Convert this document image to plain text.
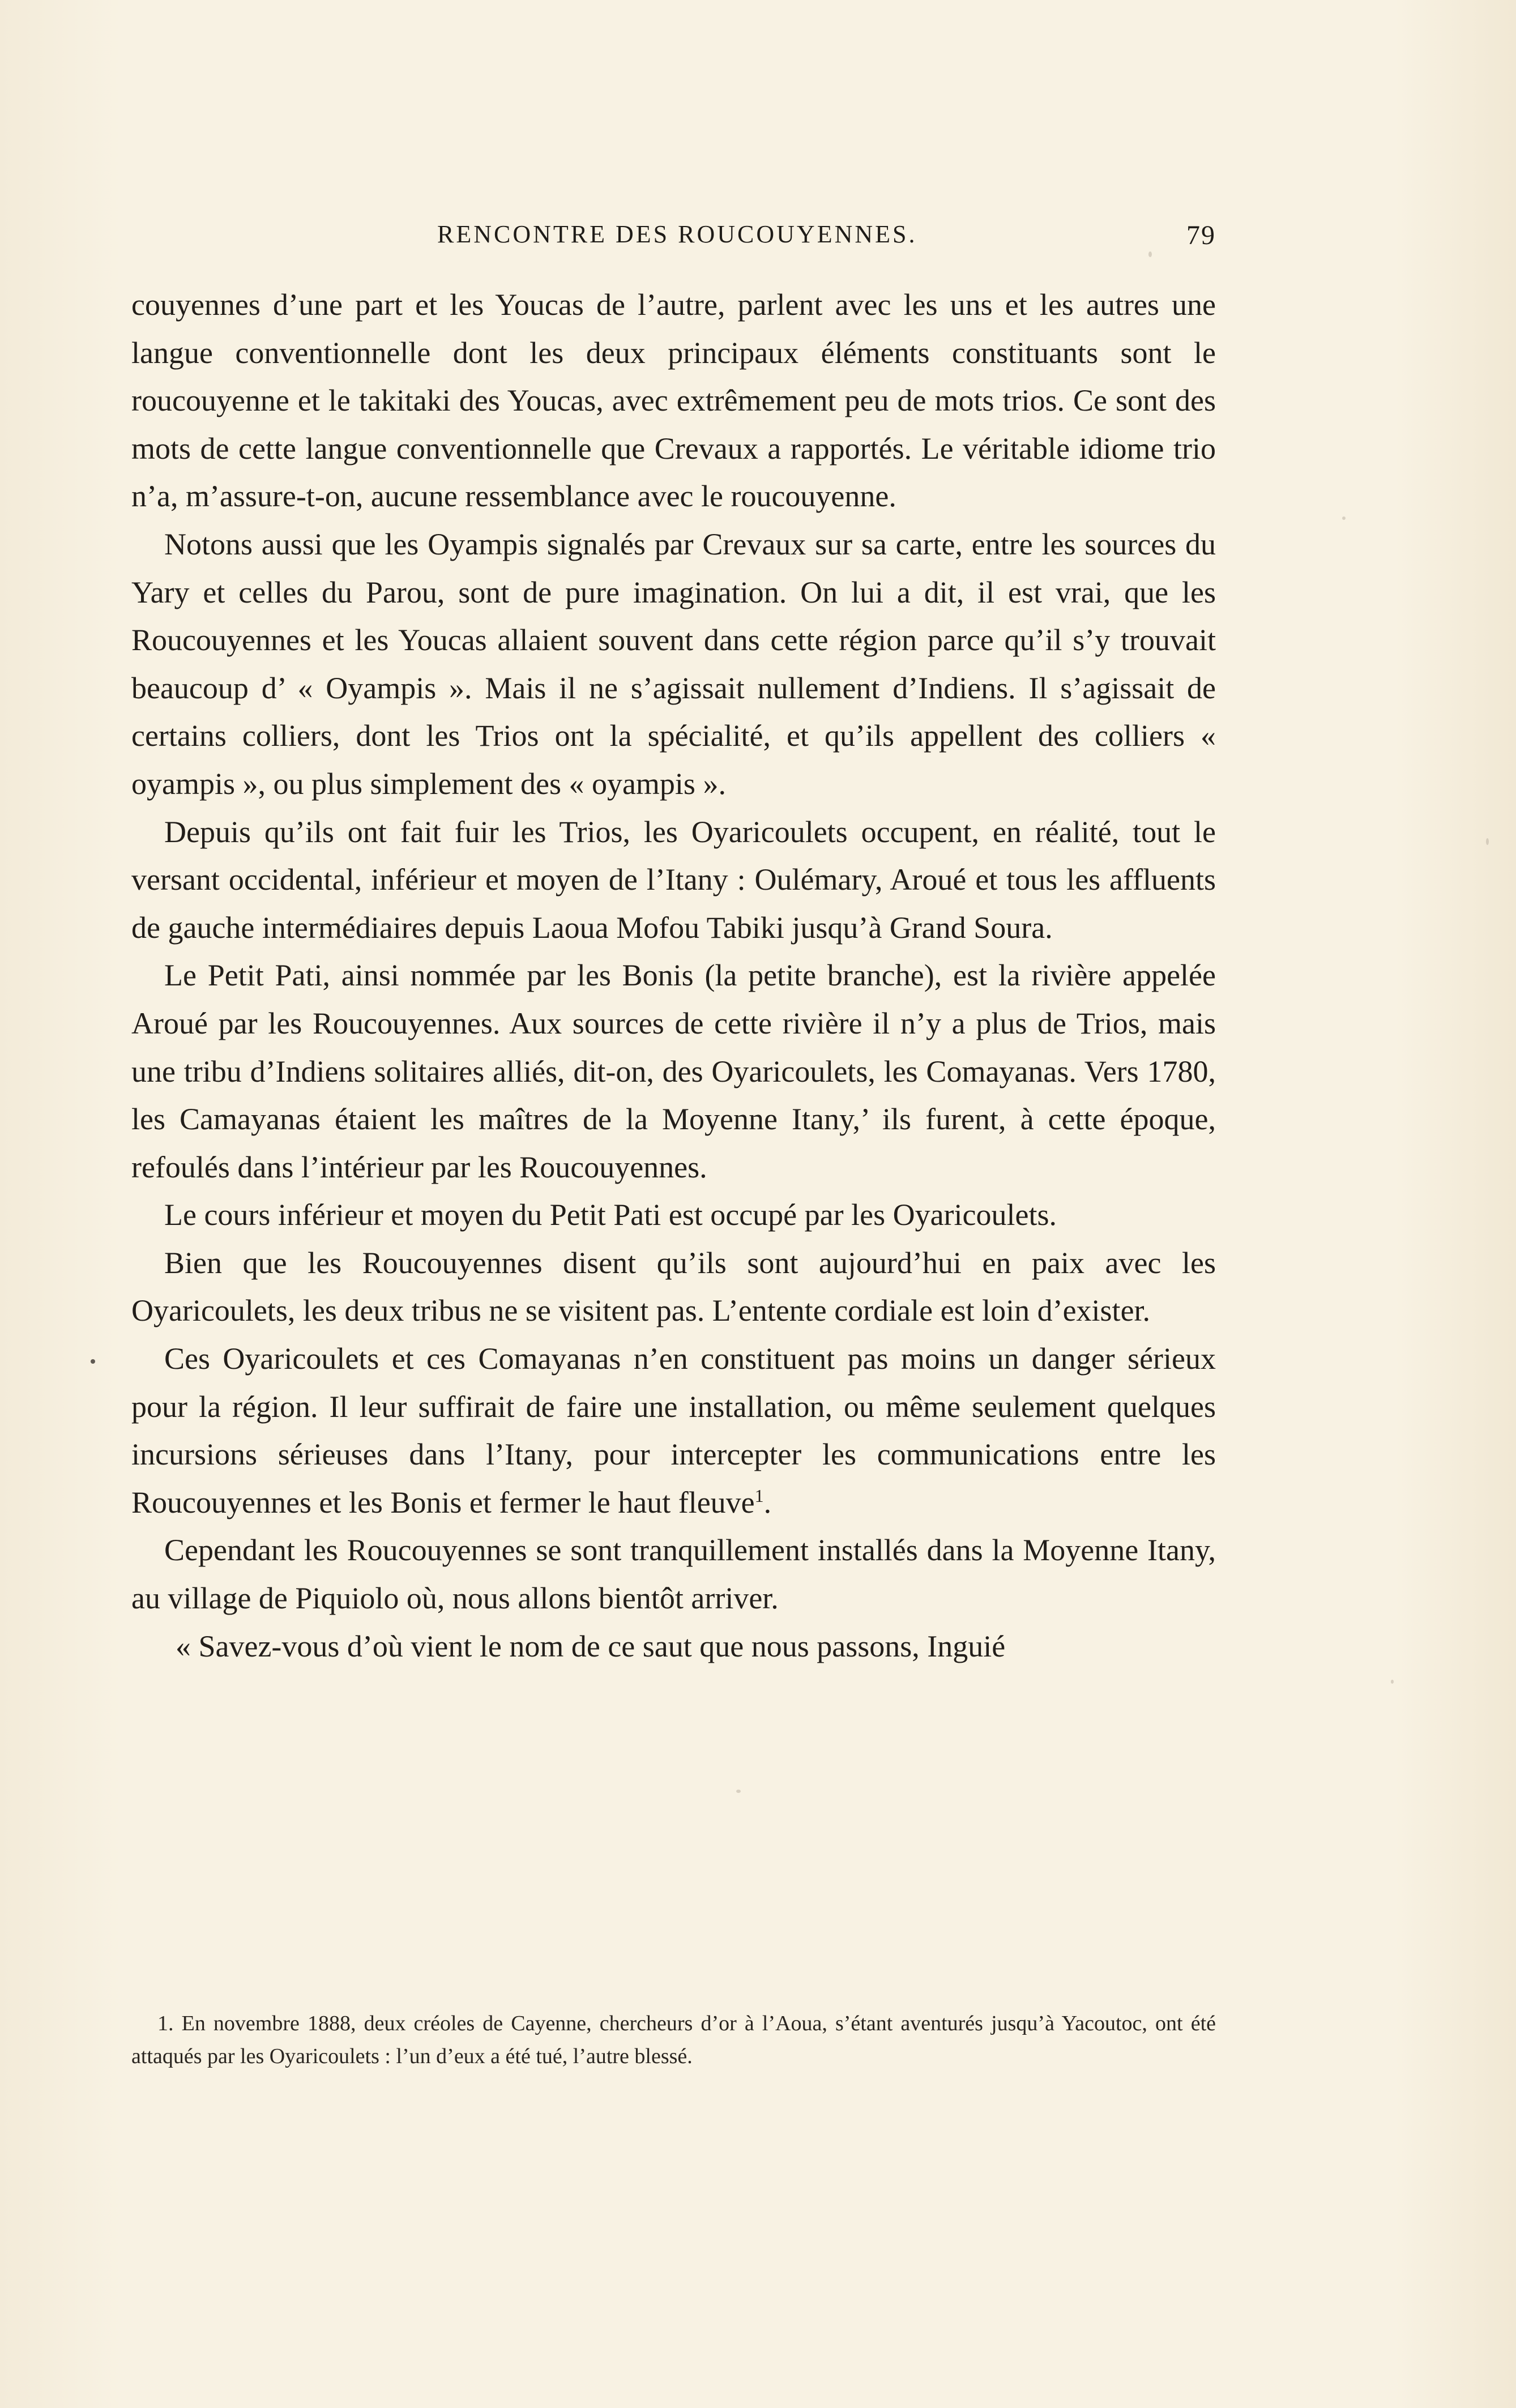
RENCONTRE DES ROUCOUYENNES.	79

couyennes d’une part et les Youcas de l’autre, parlent avec les uns et les autres une langue conventionnelle dont les deux principaux éléments constituants sont le roucouyenne et le takitaki des Youcas, avec extrêmement peu de mots trios. Ce sont des mots de cette langue conventionnelle que Crevaux a rapportés. Le véritable idiome trio n’a, m’assure-t-on, aucune ressemblance avec le roucouyenne.

Notons aussi que les Oyampis signalés par Crevaux sur sa carte, entre les sources du Yary et celles du Parou, sont de pure imagination. On lui a dit, il est vrai, que les Roucouyennes et les Youcas allaient souvent dans cette région parce qu’il s’y trouvait beaucoup d’ « Oyampis ». Mais il ne s’agissait nullement d’Indiens. Il s’agissait de certains colliers, dont les Trios ont la spécialité, et qu’ils appellent des colliers « oyampis », ou plus simplement des « oyampis ».

Depuis qu’ils ont fait fuir les Trios, les Oyaricoulets occupent, en réalité, tout le versant occidental, inférieur et moyen de l’Itany : Oulémary, Aroué et tous les affluents de gauche intermédiaires depuis Laoua Mofou Tabiki jusqu’à Grand Soura.

Le Petit Pati, ainsi nommée par les Bonis (la petite branche), est la rivière appelée Aroué par les Roucouyennes. Aux sources de cette rivière il n’y a plus de Trios, mais une tribu d’Indiens solitaires alliés, dit-on, des Oyaricoulets, les Comayanas. Vers 1780, les Camayanas étaient les maîtres de la Moyenne Itany,’ ils furent, à cette époque, refoulés dans l’intérieur par les Roucouyennes.

Le cours inférieur et moyen du Petit Pati est occupé par les Oyaricoulets.

Bien que les Roucouyennes disent qu’ils sont aujourd’hui en paix avec les Oyaricoulets, les deux tribus ne se visitent pas. L’entente cordiale est loin d’exister.

Ces Oyaricoulets et ces Comayanas n’en constituent pas moins un danger sérieux pour la région. Il leur suffirait de faire une installation, ou même seulement quelques incursions sérieuses dans l’Itany, pour intercepter les communications entre les Roucouyennes et les Bonis et fermer le haut fleuve$^1$.

Cependant les Roucouyennes se sont tranquillement installés dans la Moyenne Itany, au village de Piquiolo où, nous allons bientôt arriver.

« Savez-vous d’où vient le nom de ce saut que nous passons, Inguié

1. En novembre 1888, deux créoles de Cayenne, chercheurs d’or à l’Aoua, s’étant aventurés jusqu’à Yacoutoc, ont été attaqués par les Oyaricoulets : l’un d’eux a été tué, l’autre blessé.
